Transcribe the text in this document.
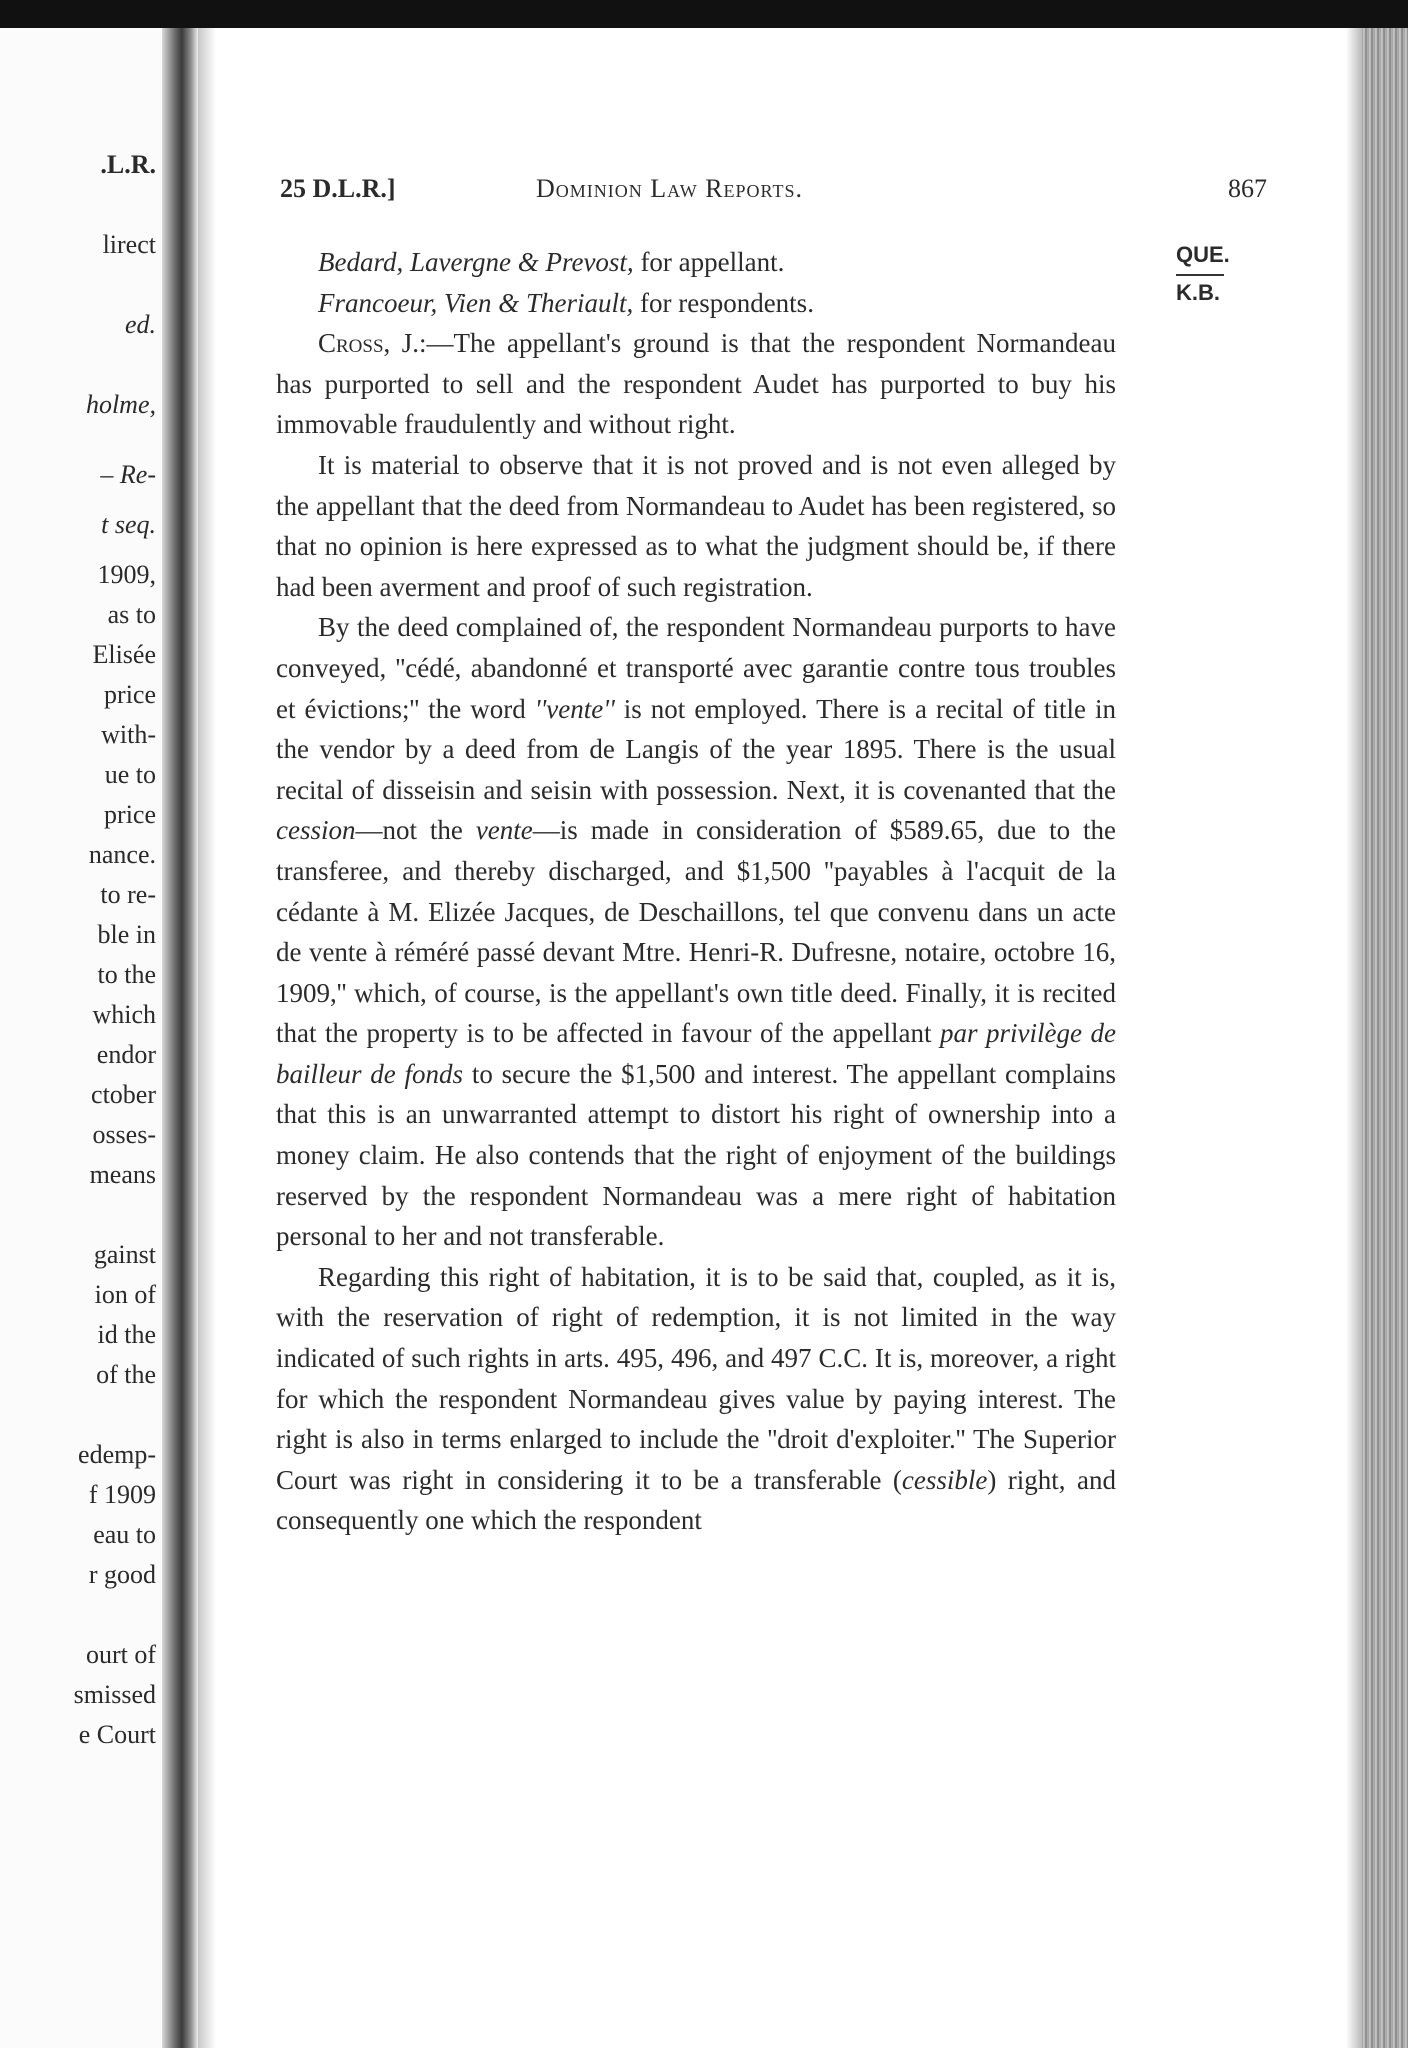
.L.R.
lirect
ed.
holme,
– Re-
t seq.
1909,
as to
Elisée
price
with-
ue to
price
nance.
to re-
ble in
to the
which
endor
ctober
osses-
means
gainst
ion of
id the
of the
edemp-
f 1909
eau to
r good
ourt of
smissed
e Court
25 D.L.R.]	Dominion Law Reports.	867
QUE.
K.B.

Bedard, Lavergne & Prevost, for appellant.

Francoeur, Vien & Theriault, for respondents.

Cross, J.:—The appellant's ground is that the respondent Normandeau has purported to sell and the respondent Audet has purported to buy his immovable fraudulently and without right.

It is material to observe that it is not proved and is not even alleged by the appellant that the deed from Normandeau to Audet has been registered, so that no opinion is here expressed as to what the judgment should be, if there had been averment and proof of such registration.

By the deed complained of, the respondent Normandeau purports to have conveyed, ''cédé, abandonné et transporté avec garantie contre tous troubles et évictions;'' the word ''vente'' is not employed. There is a recital of title in the vendor by a deed from de Langis of the year 1895. There is the usual recital of disseisin and seisin with possession. Next, it is covenanted that the cession—not the vente—is made in consideration of $589.65, due to the transferee, and thereby discharged, and $1,500 ''payables à l'acquit de la cédante à M. Elizée Jacques, de Deschaillons, tel que convenu dans un acte de vente à réméré passé devant Mtre. Henri-R. Dufresne, notaire, octobre 16, 1909,'' which, of course, is the appellant's own title deed. Finally, it is recited that the property is to be affected in favour of the appellant par privilège de bailleur de fonds to secure the $1,500 and interest. The appellant complains that this is an unwarranted attempt to distort his right of ownership into a money claim. He also contends that the right of enjoyment of the buildings reserved by the respondent Normandeau was a mere right of habitation personal to her and not transferable.

Regarding this right of habitation, it is to be said that, coupled, as it is, with the reservation of right of redemption, it is not limited in the way indicated of such rights in arts. 495, 496, and 497 C.C. It is, moreover, a right for which the respondent Normandeau gives value by paying interest. The right is also in terms enlarged to include the ''droit d'exploiter.'' The Superior Court was right in considering it to be a transferable (cessible) right, and consequently one which the respondent
